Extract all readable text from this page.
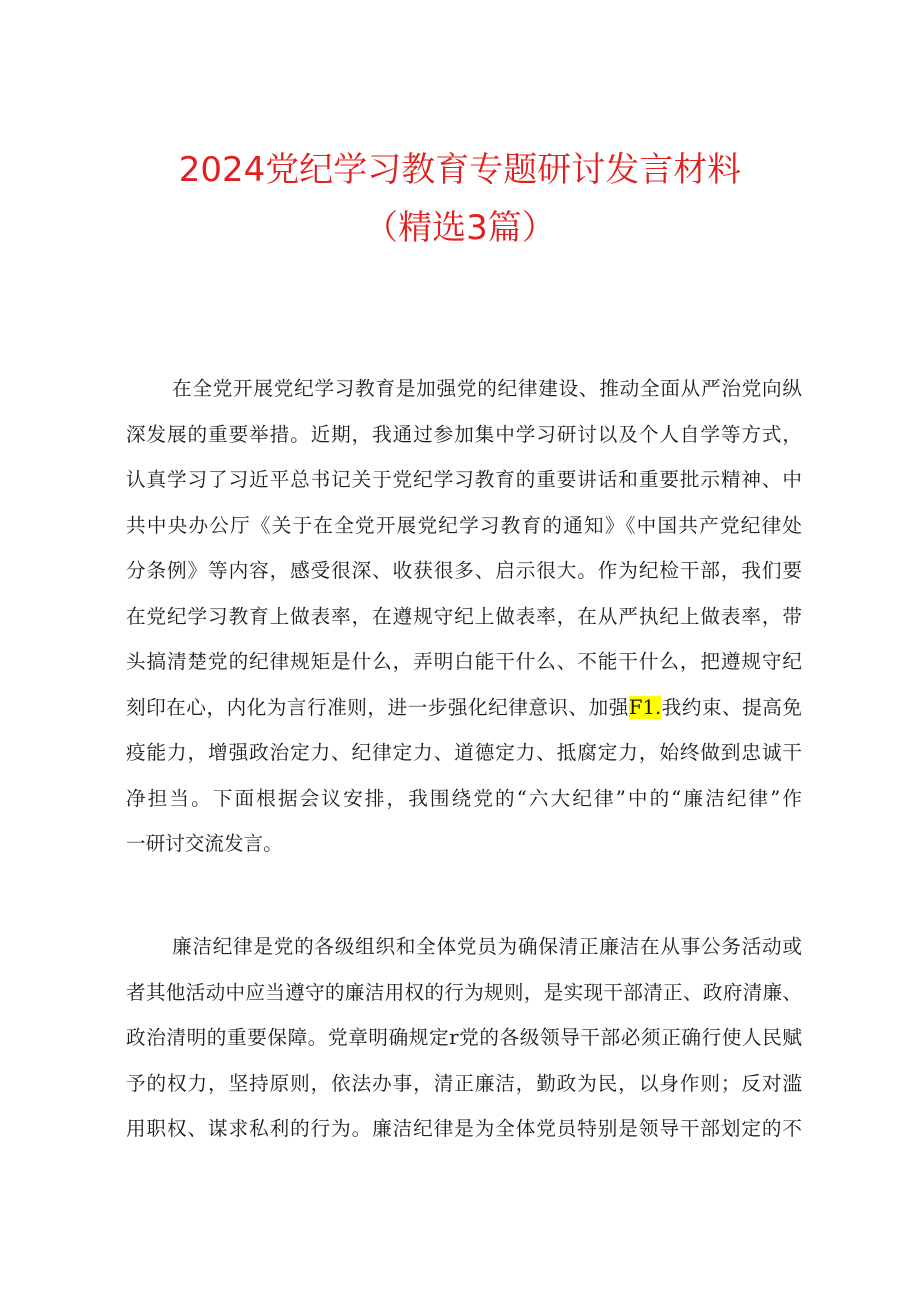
2024党纪学习教育专题研讨发言材料
（精选3篇）
在全党开展党纪学习教育是加强党的纪律建设、推动全面从严治党向纵
深发展的重要举措。近期，我通过参加集中学习研讨以及个人自学等方式，
认真学习了习近平总书记关于党纪学习教育的重要讲话和重要批示精神、中
共中央办公厅《关于在全党开展党纪学习教育的通知》《中国共产党纪律处
分条例》等内容，感受很深、收获很多、启示很大。作为纪检干部，我们要
在党纪学习教育上做表率，在遵规守纪上做表率，在从严执纪上做表率，带
头搞清楚党的纪律规矩是什么，弄明白能干什么、不能干什么，把遵规守纪
刻印在心，内化为言行准则，进一步强化纪律意识、加强F1.我约束、提高免
疫能力，增强政治定力、纪律定力、道德定力、抵腐定力，始终做到忠诚干
净担当。下面根据会议安排，我围绕党的“六大纪律”中的“廉洁纪律”作
一研讨交流发言。
廉洁纪律是党的各级组织和全体党员为确保清正廉洁在从事公务活动或
者其他活动中应当遵守的廉洁用权的行为规则，是实现干部清正、政府清廉、
政治清明的重要保障。党章明确规定r党的各级领导干部必须正确行使人民赋
予的权力，坚持原则，依法办事，清正廉洁，勤政为民，以身作则；反对滥
用职权、谋求私利的行为。廉洁纪律是为全体党员特别是领导干部划定的不
